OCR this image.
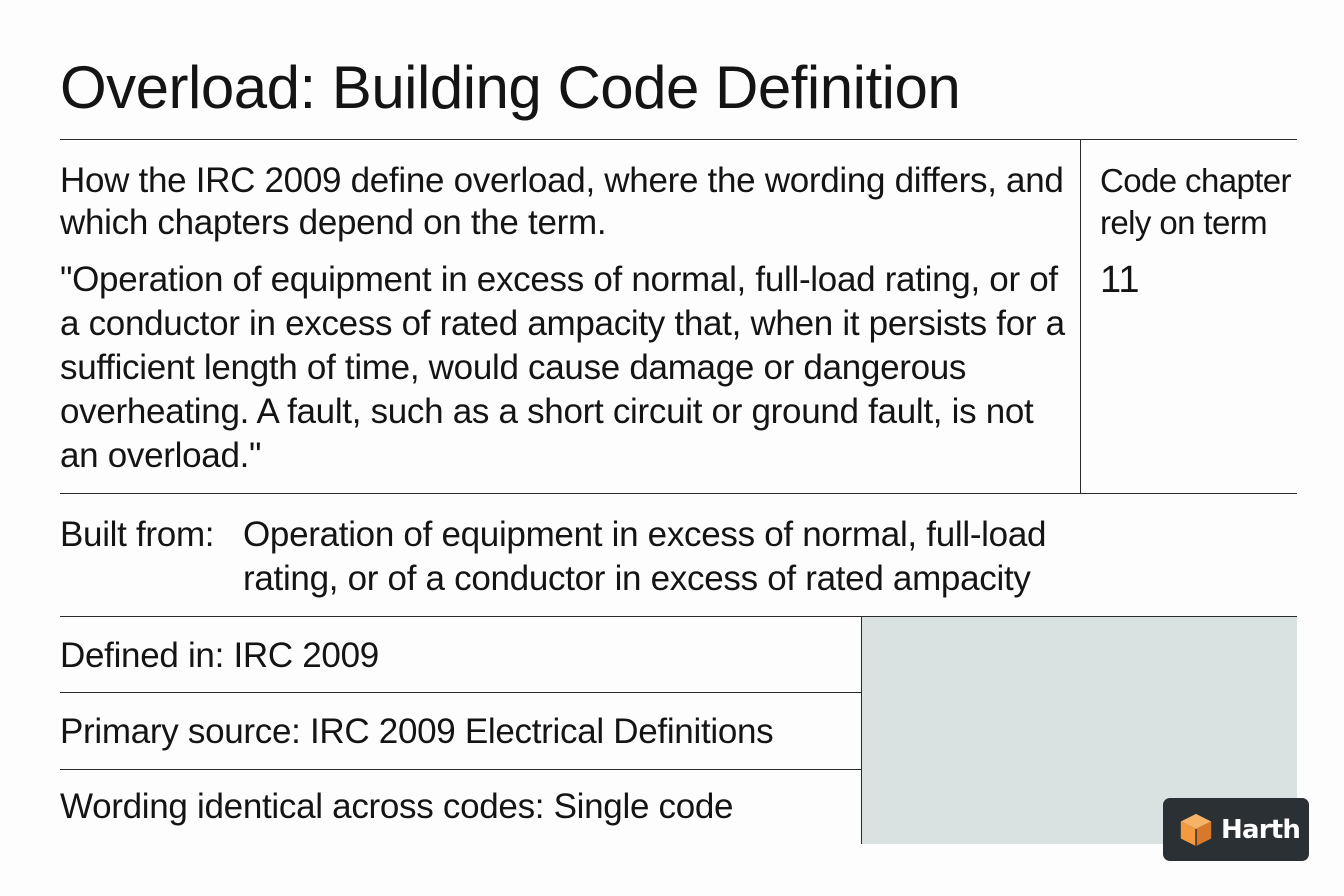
Overload: Building Code Definition
How the IRC 2009 define overload, where the wording differs, and which chapters depend on the term.
"Operation of equipment in excess of normal, full-load rating, or of a conductor in excess of rated ampacity that, when it persists for a sufficient length of time, would cause damage or dangerous overheating. A fault, such as a short circuit or ground fault, is not an overload."
Code chapter rely on term
11
Built from: Operation of equipment in excess of normal, full-load rating, or of a conductor in excess of rated ampacity
Defined in: IRC 2009
Primary source: IRC 2009 Electrical Definitions
Wording identical across codes: Single code
Harth
